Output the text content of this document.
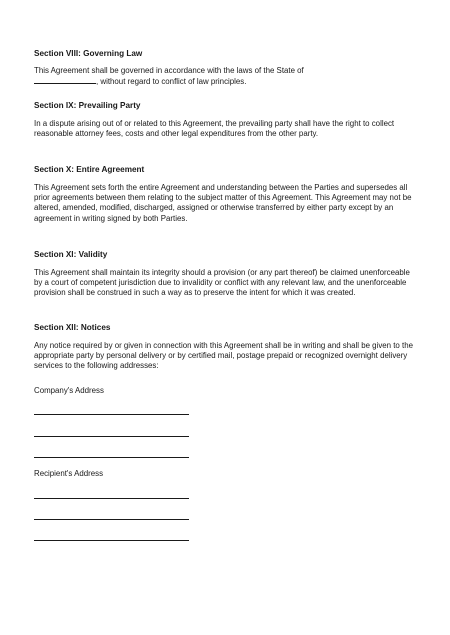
Section VIII: Governing Law

This Agreement shall be governed in accordance with the laws of the State of
, without regard to conflict of law principles.

Section IX: Prevailing Party

In a dispute arising out of or related to this Agreement, the prevailing party shall have the right to collect reasonable attorney fees, costs and other legal expenditures from the other party.

Section X: Entire Agreement

This Agreement sets forth the entire Agreement and understanding between the Parties and supersedes all prior agreements between them relating to the subject matter of this Agreement. This Agreement may not be altered, amended, modified, discharged, assigned or otherwise transferred by either party except by an agreement in writing signed by both Parties.

Section XI: Validity

This Agreement shall maintain its integrity should a provision (or any part thereof) be claimed unenforceable by a court of competent jurisdiction due to invalidity or conflict with any relevant law, and the unenforceable provision shall be construed in such a way as to preserve the intent for which it was created.

Section XII: Notices

Any notice required by or given in connection with this Agreement shall be in writing and shall be given to the appropriate party by personal delivery or by certified mail, postage prepaid or recognized overnight delivery services to the following addresses:

Company's Address

Recipient's Address
